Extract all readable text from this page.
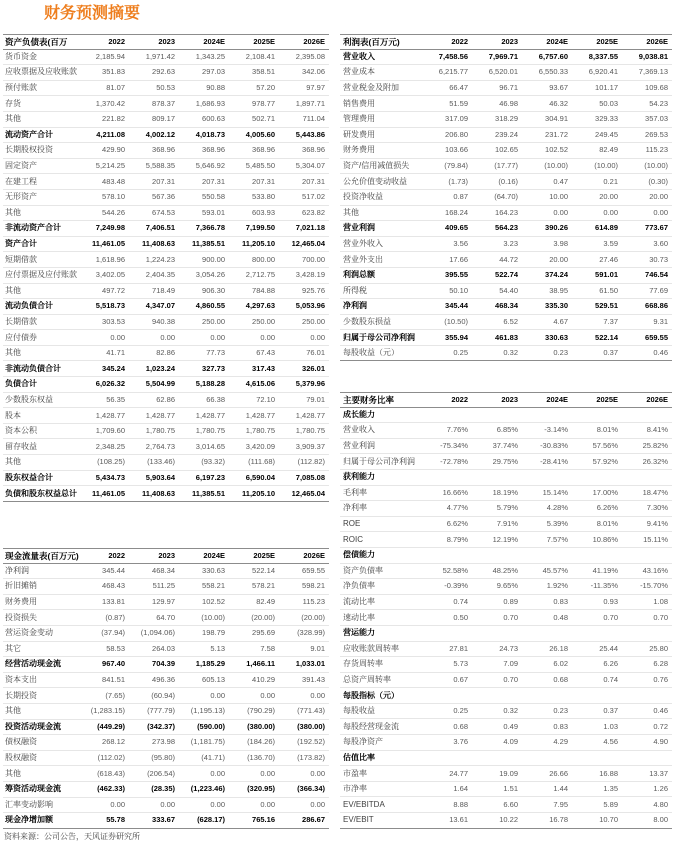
财务预测摘要
资产负债表(百万	2022	2023	2024E	2025E	2026E
货币资金	2,185.94	1,971.42	1,343.25	2,108.41	2,395.08
应收票据及应收账款	351.83	292.63	297.03	358.51	342.06
预付账款	81.07	50.53	90.88	57.20	97.97
存货	1,370.42	878.37	1,686.93	978.77	1,897.71
其他	221.82	809.17	600.63	502.71	711.04
流动资产合计	4,211.08	4,002.12	4,018.73	4,005.60	5,443.86
长期股权投资	429.90	368.96	368.96	368.96	368.96
固定资产	5,214.25	5,588.35	5,646.92	5,485.50	5,304.07
在建工程	483.48	207.31	207.31	207.31	207.31
无形资产	578.10	567.36	550.58	533.80	517.02
其他	544.26	674.53	593.01	603.93	623.82
非流动资产合计	7,249.98	7,406.51	7,366.78	7,199.50	7,021.18
资产合计	11,461.05	11,408.63	11,385.51	11,205.10	12,465.04
短期借款	1,618.96	1,224.23	900.00	800.00	700.00
应付票据及应付账款	3,402.05	2,404.35	3,054.26	2,712.75	3,428.19
其他	497.72	718.49	906.30	784.88	925.76
流动负债合计	5,518.73	4,347.07	4,860.55	4,297.63	5,053.96
长期借款	303.53	940.38	250.00	250.00	250.00
应付债券	0.00	0.00	0.00	0.00	0.00
其他	41.71	82.86	77.73	67.43	76.01
非流动负债合计	345.24	1,023.24	327.73	317.43	326.01
负债合计	6,026.32	5,504.99	5,188.28	4,615.06	5,379.96
少数股东权益	56.35	62.86	66.38	72.10	79.01
股本	1,428.77	1,428.77	1,428.77	1,428.77	1,428.77
资本公积	1,709.60	1,780.75	1,780.75	1,780.75	1,780.75
留存收益	2,348.25	2,764.73	3,014.65	3,420.09	3,909.37
其他	(108.25)	(133.46)	(93.32)	(111.68)	(112.82)
股东权益合计	5,434.73	5,903.64	6,197.23	6,590.04	7,085.08
负债和股东权益总计	11,461.05	11,408.63	11,385.51	11,205.10	12,465.04
利润表(百万元)	2022	2023	2024E	2025E	2026E
营业收入	7,458.56	7,969.71	6,757.60	8,337.55	9,038.81
营业成本	6,215.77	6,520.01	6,550.33	6,920.41	7,369.13
营业税金及附加	66.47	96.71	93.67	101.17	109.68
销售费用	51.59	46.98	46.32	50.03	54.23
管理费用	317.09	318.29	304.91	329.33	357.03
研发费用	206.80	239.24	231.72	249.45	269.53
财务费用	103.66	102.65	102.52	82.49	115.23
资产/信用减值损失	(79.84)	(17.77)	(10.00)	(10.00)	(10.00)
公允价值变动收益	(1.73)	(0.16)	0.47	0.21	(0.30)
投资净收益	0.87	(64.70)	10.00	20.00	20.00
其他	168.24	164.23	0.00	0.00	0.00
营业利润	409.65	564.23	390.26	614.89	773.67
营业外收入	3.56	3.23	3.98	3.59	3.60
营业外支出	17.66	44.72	20.00	27.46	30.73
利润总额	395.55	522.74	374.24	591.01	746.54
所得税	50.10	54.40	38.95	61.50	77.69
净利润	345.44	468.34	335.30	529.51	668.86
少数股东损益	(10.50)	6.52	4.67	7.37	9.31
归属于母公司净利润	355.94	461.83	330.63	522.14	659.55
每股收益（元）	0.25	0.32	0.23	0.37	0.46
主要财务比率	2022	2023	2024E	2025E	2026E
成长能力
营业收入	7.76%	6.85%	-3.14%	8.01%	8.41%
营业利润	-75.34%	37.74%	-30.83%	57.56%	25.82%
归属于母公司净利润	-72.78%	29.75%	-28.41%	57.92%	26.32%
获利能力
毛利率	16.66%	18.19%	15.14%	17.00%	18.47%
净利率	4.77%	5.79%	4.28%	6.26%	7.30%
ROE	6.62%	7.91%	5.39%	8.01%	9.41%
ROIC	8.79%	12.19%	7.57%	10.86%	15.11%
偿债能力
资产负债率	52.58%	48.25%	45.57%	41.19%	43.16%
净负债率	-0.39%	9.65%	1.92%	-11.35%	-15.70%
流动比率	0.74	0.89	0.83	0.93	1.08
速动比率	0.50	0.70	0.48	0.70	0.70
营运能力
应收账款周转率	27.81	24.73	26.18	25.44	25.80
存货周转率	5.73	7.09	6.02	6.26	6.28
总资产周转率	0.67	0.70	0.68	0.74	0.76
每股指标（元）
每股收益	0.25	0.32	0.23	0.37	0.46
每股经营现金流	0.68	0.49	0.83	1.03	0.72
每股净资产	3.76	4.09	4.29	4.56	4.90
估值比率
市盈率	24.77	19.09	26.66	16.88	13.37
市净率	1.64	1.51	1.44	1.35	1.26
EV/EBITDA	8.88	6.60	7.95	5.89	4.80
EV/EBIT	13.61	10.22	16.78	10.70	8.00
现金流量表(百万元)	2022	2023	2024E	2025E	2026E
净利润	345.44	468.34	330.63	522.14	659.55
折旧摊销	468.43	511.25	558.21	578.21	598.21
财务费用	133.81	129.97	102.52	82.49	115.23
投资损失	(0.87)	64.70	(10.00)	(20.00)	(20.00)
营运资金变动	(37.94)	(1,094.06)	198.79	295.69	(328.99)
其它	58.53	264.03	5.13	7.58	9.01
经营活动现金流	967.40	704.39	1,185.29	1,466.11	1,033.01
资本支出	841.51	496.36	605.13	410.29	391.43
长期投资	(7.65)	(60.94)	0.00	0.00	0.00
其他	(1,283.15)	(777.79)	(1,195.13)	(790.29)	(771.43)
投资活动现金流	(449.29)	(342.37)	(590.00)	(380.00)	(380.00)
债权融资	268.12	273.98	(1,181.75)	(184.26)	(192.52)
股权融资	(112.02)	(95.80)	(41.71)	(136.70)	(173.82)
其他	(618.43)	(206.54)	0.00	0.00	0.00
筹资活动现金流	(462.33)	(28.35)	(1,223.46)	(320.95)	(366.34)
汇率变动影响	0.00	0.00	0.00	0.00	0.00
现金净增加额	55.78	333.67	(628.17)	765.16	286.67
资料来源：公司公告，天风证券研究所
